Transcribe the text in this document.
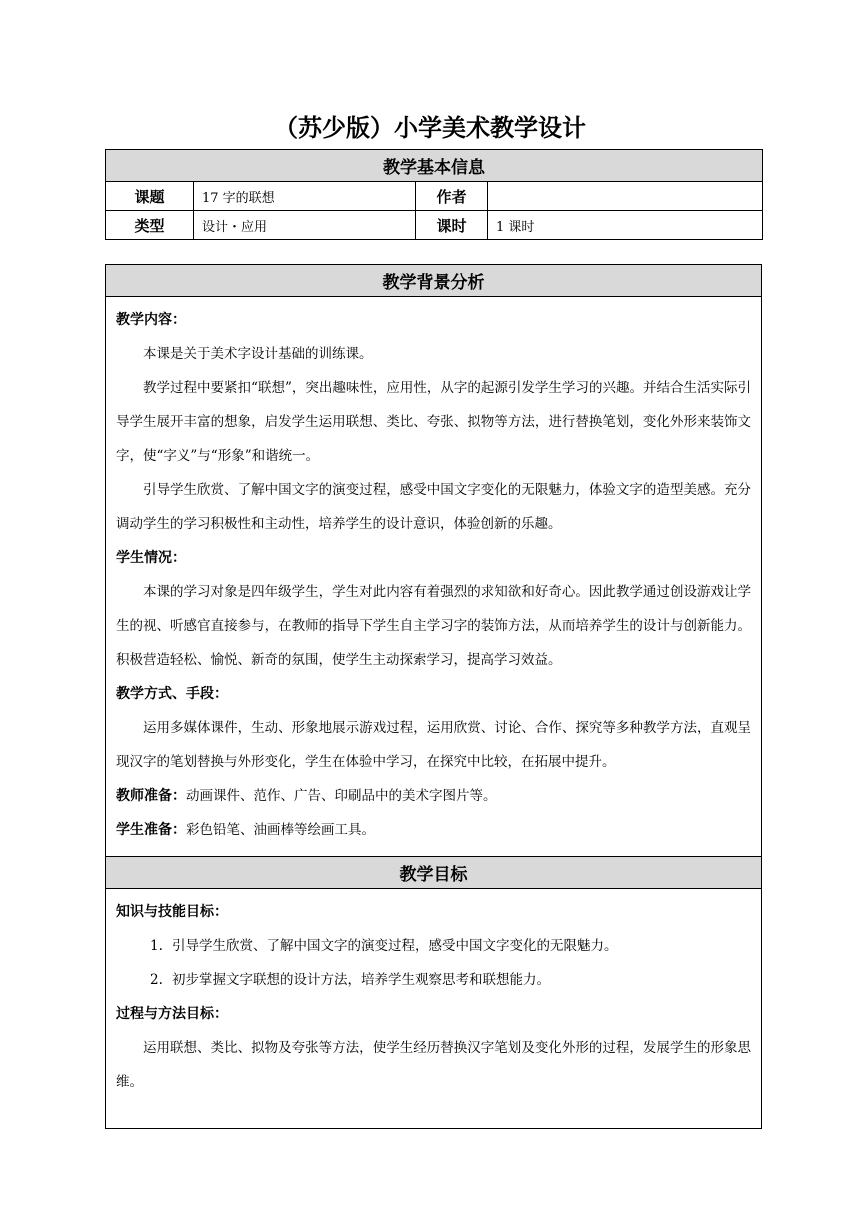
（苏少版）小学美术教学设计
教学基本信息			
课题	17 字的联想	作者	
类型	设计・应用	课时	1 课时
教学背景分析

教学内容：

本课是关于美术字设计基础的训练课。

教学过程中要紧扣“联想”，突出趣味性，应用性，从字的起源引发学生学习的兴趣。并结合生活实际引导学生展开丰富的想象，启发学生运用联想、类比、夸张、拟物等方法，进行替换笔划，变化外形来装饰文字，使“字义”与“形象”和谐统一。

引导学生欣赏、了解中国文字的演变过程，感受中国文字变化的无限魅力，体验文字的造型美感。充分调动学生的学习积极性和主动性，培养学生的设计意识，体验创新的乐趣。

学生情况：

本课的学习对象是四年级学生，学生对此内容有着强烈的求知欲和好奇心。因此教学通过创设游戏让学生的视、听感官直接参与，在教师的指导下学生自主学习字的装饰方法，从而培养学生的设计与创新能力。积极营造轻松、愉悦、新奇的氛围，使学生主动探索学习，提高学习效益。

教学方式、手段：

运用多媒体课件，生动、形象地展示游戏过程，运用欣赏、讨论、合作、探究等多种教学方法，直观呈现汉字的笔划替换与外形变化，学生在体验中学习，在探究中比较，在拓展中提升。

教师准备：动画课件、范作、广告、印刷品中的美术字图片等。

学生准备：彩色铅笔、油画棒等绘画工具。

教学目标

知识与技能目标：

1. 引导学生欣赏、了解中国文字的演变过程，感受中国文字变化的无限魅力。

2. 初步掌握文字联想的设计方法，培养学生观察思考和联想能力。

过程与方法目标：

运用联想、类比、拟物及夸张等方法，使学生经历替换汉字笔划及变化外形的过程，发展学生的形象思维。
